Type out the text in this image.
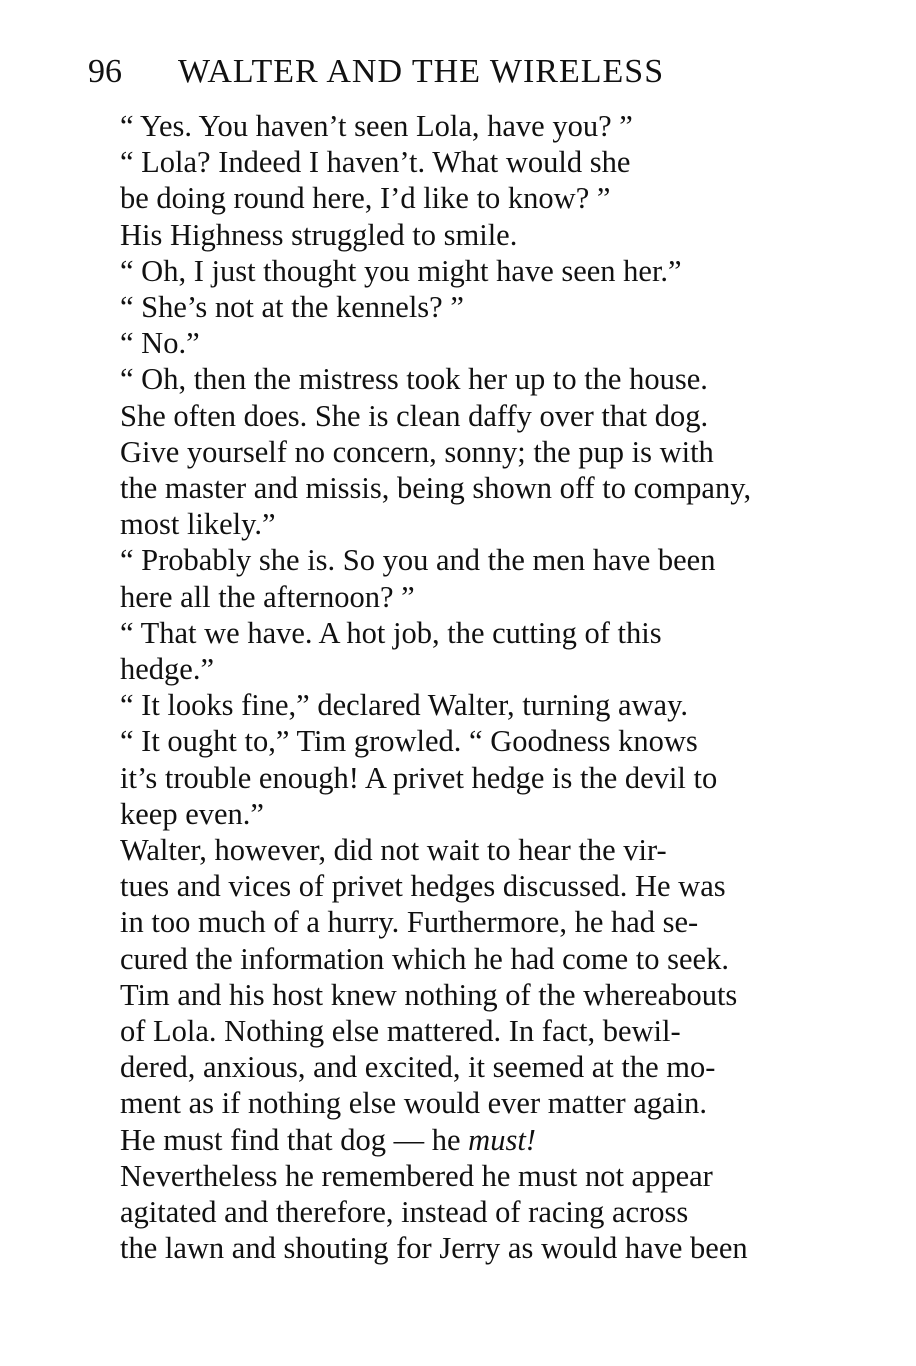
96 WALTER AND THE WIRELESS

“ Yes. You haven’t seen Lola, have you? ”

“ Lola? Indeed I haven’t. What would she
be doing round here, I’d like to know? ”

His Highness struggled to smile.

“ Oh, I just thought you might have seen her.”

“ She’s not at the kennels? ”

“ No.”

“ Oh, then the mistress took her up to the house.
She often does. She is clean daffy over that dog.
Give yourself no concern, sonny; the pup is with
the master and missis, being shown off to company,
most likely.”

“ Probably she is. So you and the men have been
here all the afternoon? ”

“ That we have. A hot job, the cutting of this
hedge.”

“ It looks fine,” declared Walter, turning away.

“ It ought to,” Tim growled. “ Goodness knows
it’s trouble enough! A privet hedge is the devil to
keep even.”

Walter, however, did not wait to hear the vir-
tues and vices of privet hedges discussed. He was
in too much of a hurry. Furthermore, he had se-
cured the information which he had come to seek.
Tim and his host knew nothing of the whereabouts
of Lola. Nothing else mattered. In fact, bewil-
dered, anxious, and excited, it seemed at the mo-
ment as if nothing else would ever matter again.
He must find that dog — he must!

Nevertheless he remembered he must not appear
agitated and therefore, instead of racing across
the lawn and shouting for Jerry as would have been
